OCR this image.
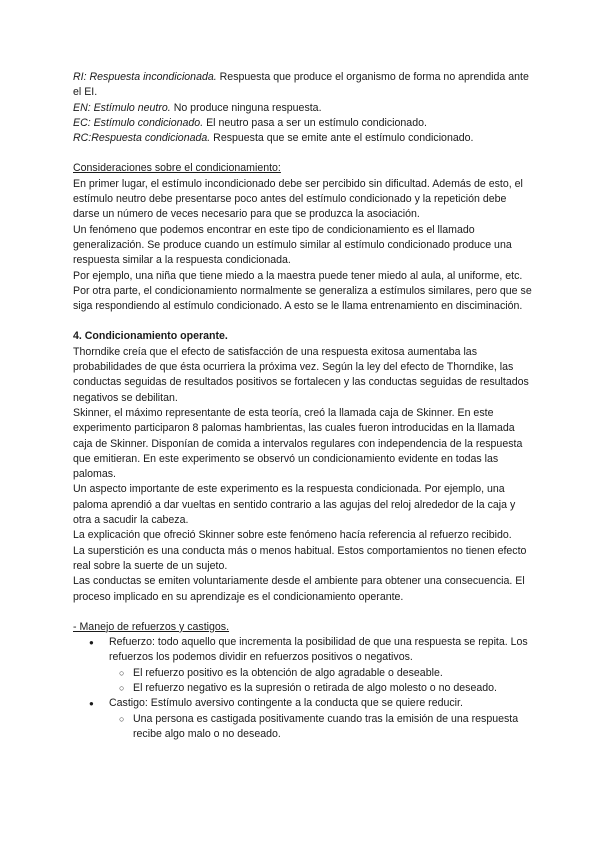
RI: Respuesta incondicionada. Respuesta que produce el organismo de forma no aprendida ante el EI.

EN: Estímulo neutro. No produce ninguna respuesta.

EC: Estímulo condicionado. El neutro pasa a ser un estímulo condicionado.

RC:Respuesta condicionada. Respuesta que se emite ante el estímulo condicionado.

Consideraciones sobre el condicionamiento:

En primer lugar, el estímulo incondicionado debe ser percibido sin dificultad. Además de esto, el estímulo neutro debe presentarse poco antes del estímulo condicionado y la repetición debe darse un número de veces necesario para que se produzca la asociación.

Un fenómeno que podemos encontrar en este tipo de condicionamiento es el llamado generalización. Se produce cuando un estímulo similar al estímulo condicionado produce una respuesta similar a la respuesta condicionada.

Por ejemplo, una niña que tiene miedo a la maestra puede tener miedo al aula, al uniforme, etc.

Por otra parte, el condicionamiento normalmente se generaliza a estímulos similares, pero que se siga respondiendo al estímulo condicionado. A esto se le llama entrenamiento en disciminación.

4. Condicionamiento operante.

Thorndike creía que el efecto de satisfacción de una respuesta exitosa aumentaba las probabilidades de que ésta ocurriera la próxima vez. Según la ley del efecto de Thorndike, las conductas seguidas de resultados positivos se fortalecen y las conductas seguidas de resultados negativos se debilitan.

Skinner, el máximo representante de esta teoría, creó la llamada caja de Skinner. En este experimento participaron 8 palomas hambrientas, las cuales fueron introducidas en la llamada caja de Skinner. Disponían de comida a intervalos regulares con independencia de la respuesta que emitieran. En este experimento se observó un condicionamiento evidente en todas las palomas.

Un aspecto importante de este experimento es la respuesta condicionada. Por ejemplo, una paloma aprendió a dar vueltas en sentido contrario a las agujas del reloj alrededor de la caja y otra a sacudir la cabeza.

La explicación que ofreció Skinner sobre este fenómeno hacía referencia al refuerzo recibido.

La superstición es una conducta más o menos habitual. Estos comportamientos no tienen efecto real sobre la suerte de un sujeto.

Las conductas se emiten voluntariamente desde el ambiente para obtener una consecuencia. El proceso implicado en su aprendizaje es el condicionamiento operante.

- Manejo de refuerzos y castigos.

● Refuerzo: todo aquello que incrementa la posibilidad de que una respuesta se repita. Los refuerzos los podemos dividir en refuerzos positivos o negativos.
○ El refuerzo positivo es la obtención de algo agradable o deseable.
○ El refuerzo negativo es la supresión o retirada de algo molesto o no deseado.
● Castigo: Estímulo aversivo contingente a la conducta que se quiere reducir.
○ Una persona es castigada positivamente cuando tras la emisión de una respuesta recibe algo malo o no deseado.
